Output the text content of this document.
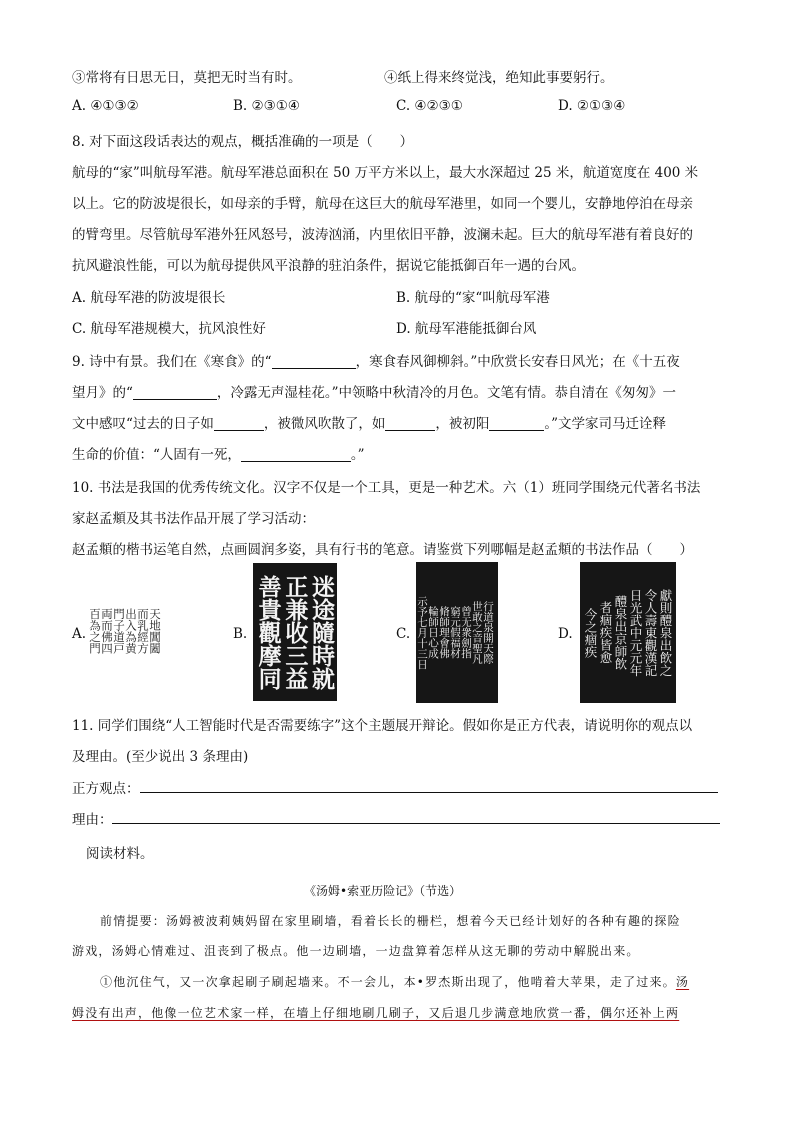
③常将有日思无日，莫把无时当有时。	④纸上得来终觉浅，绝知此事要躬行。
A. ④①③②	B. ②③①④	C. ④②③①	D. ②①③④
8. 对下面这段话表达的观点，概括准确的一项是（　　）
航母的“家”叫航母军港。航母军港总面积在 50 万平方米以上，最大水深超过 25 米，航道宽度在 400 米
以上。它的防波堤很长，如母亲的手臂，航母在这巨大的航母军港里，如同一个婴儿，安静地停泊在母亲
的臂弯里。尽管航母军港外狂风怒号，波涛汹涌，内里依旧平静，波澜未起。巨大的航母军港有着良好的
抗风避浪性能，可以为航母提供风平浪静的驻泊条件，据说它能抵御百年一遇的台风。
A. 航母军港的防波堤很长	B. 航母的“家“叫航母军港
C. 航母军港规模大，抗风浪性好	D. 航母军港能抵御台风
9. 诗中有景。我们在《寒食》的“	，寒食春风御柳斜。”中欣赏长安春日风光；在《十五夜
望月》的“	，冷露无声湿桂花。”中领略中秋清冷的月色。文笔有情。恭自清在《匆匆》一
文中感叹“过去的日子如	，被微风吹散了，如	，被初阳	。”文学家司马迁诠释
生命的价值：“人固有一死，	。”
10. 书法是我国的优秀传统文化。汉字不仅是一个工具，更是一种艺术。六（1）班同学围绕元代著名书法
家赵孟頫及其书法作品开展了学习活动：
赵孟頫的楷书运笔自然，点画圆润多姿，具有行书的笔意。请鉴赏下列哪幅是赵孟頫的书法作品（　　）
A.	天地閶闔
而乳經方
出入為黄
門子道戸
両而佛四
百為之門	B.	迷途隨時就
正兼收三益
善貴觀摩同	C.	行道泉開天際
世敢之音聖凡
曾无衆劍指
窮元假福材
脩師理會佛
輪師日心成
示予七月十三日	D.	獻則醴泉出飲之
令人壽東觀漢記
日光武中元元年
醴泉出京師飲
者痼疾皆愈
今之痼疾
11. 同学们围绕“人工智能时代是否需要练字”这个主题展开辩论。假如你是正方代表，请说明你的观点以
及理由。(至少说出 3 条理由)
正方观点：
理由：
阅读材料。
《汤姆•索亚历险记》（节选）
前情提要：汤姆被波莉姨妈留在家里刷墙，看着长长的栅栏，想着今天已经计划好的各种有趣的探险
游戏，汤姆心情难过、沮丧到了极点。他一边刷墙，一边盘算着怎样从这无聊的劳动中解脱出来。
①他沉住气，又一次拿起刷子刷起墙来。不一会儿，本•罗杰斯出现了，他啃着大苹果，走了过来。汤
姆没有出声，他像一位艺术家一样，在墙上仔细地刷几刷子，又后退几步满意地欣赏一番，偶尔还补上两
